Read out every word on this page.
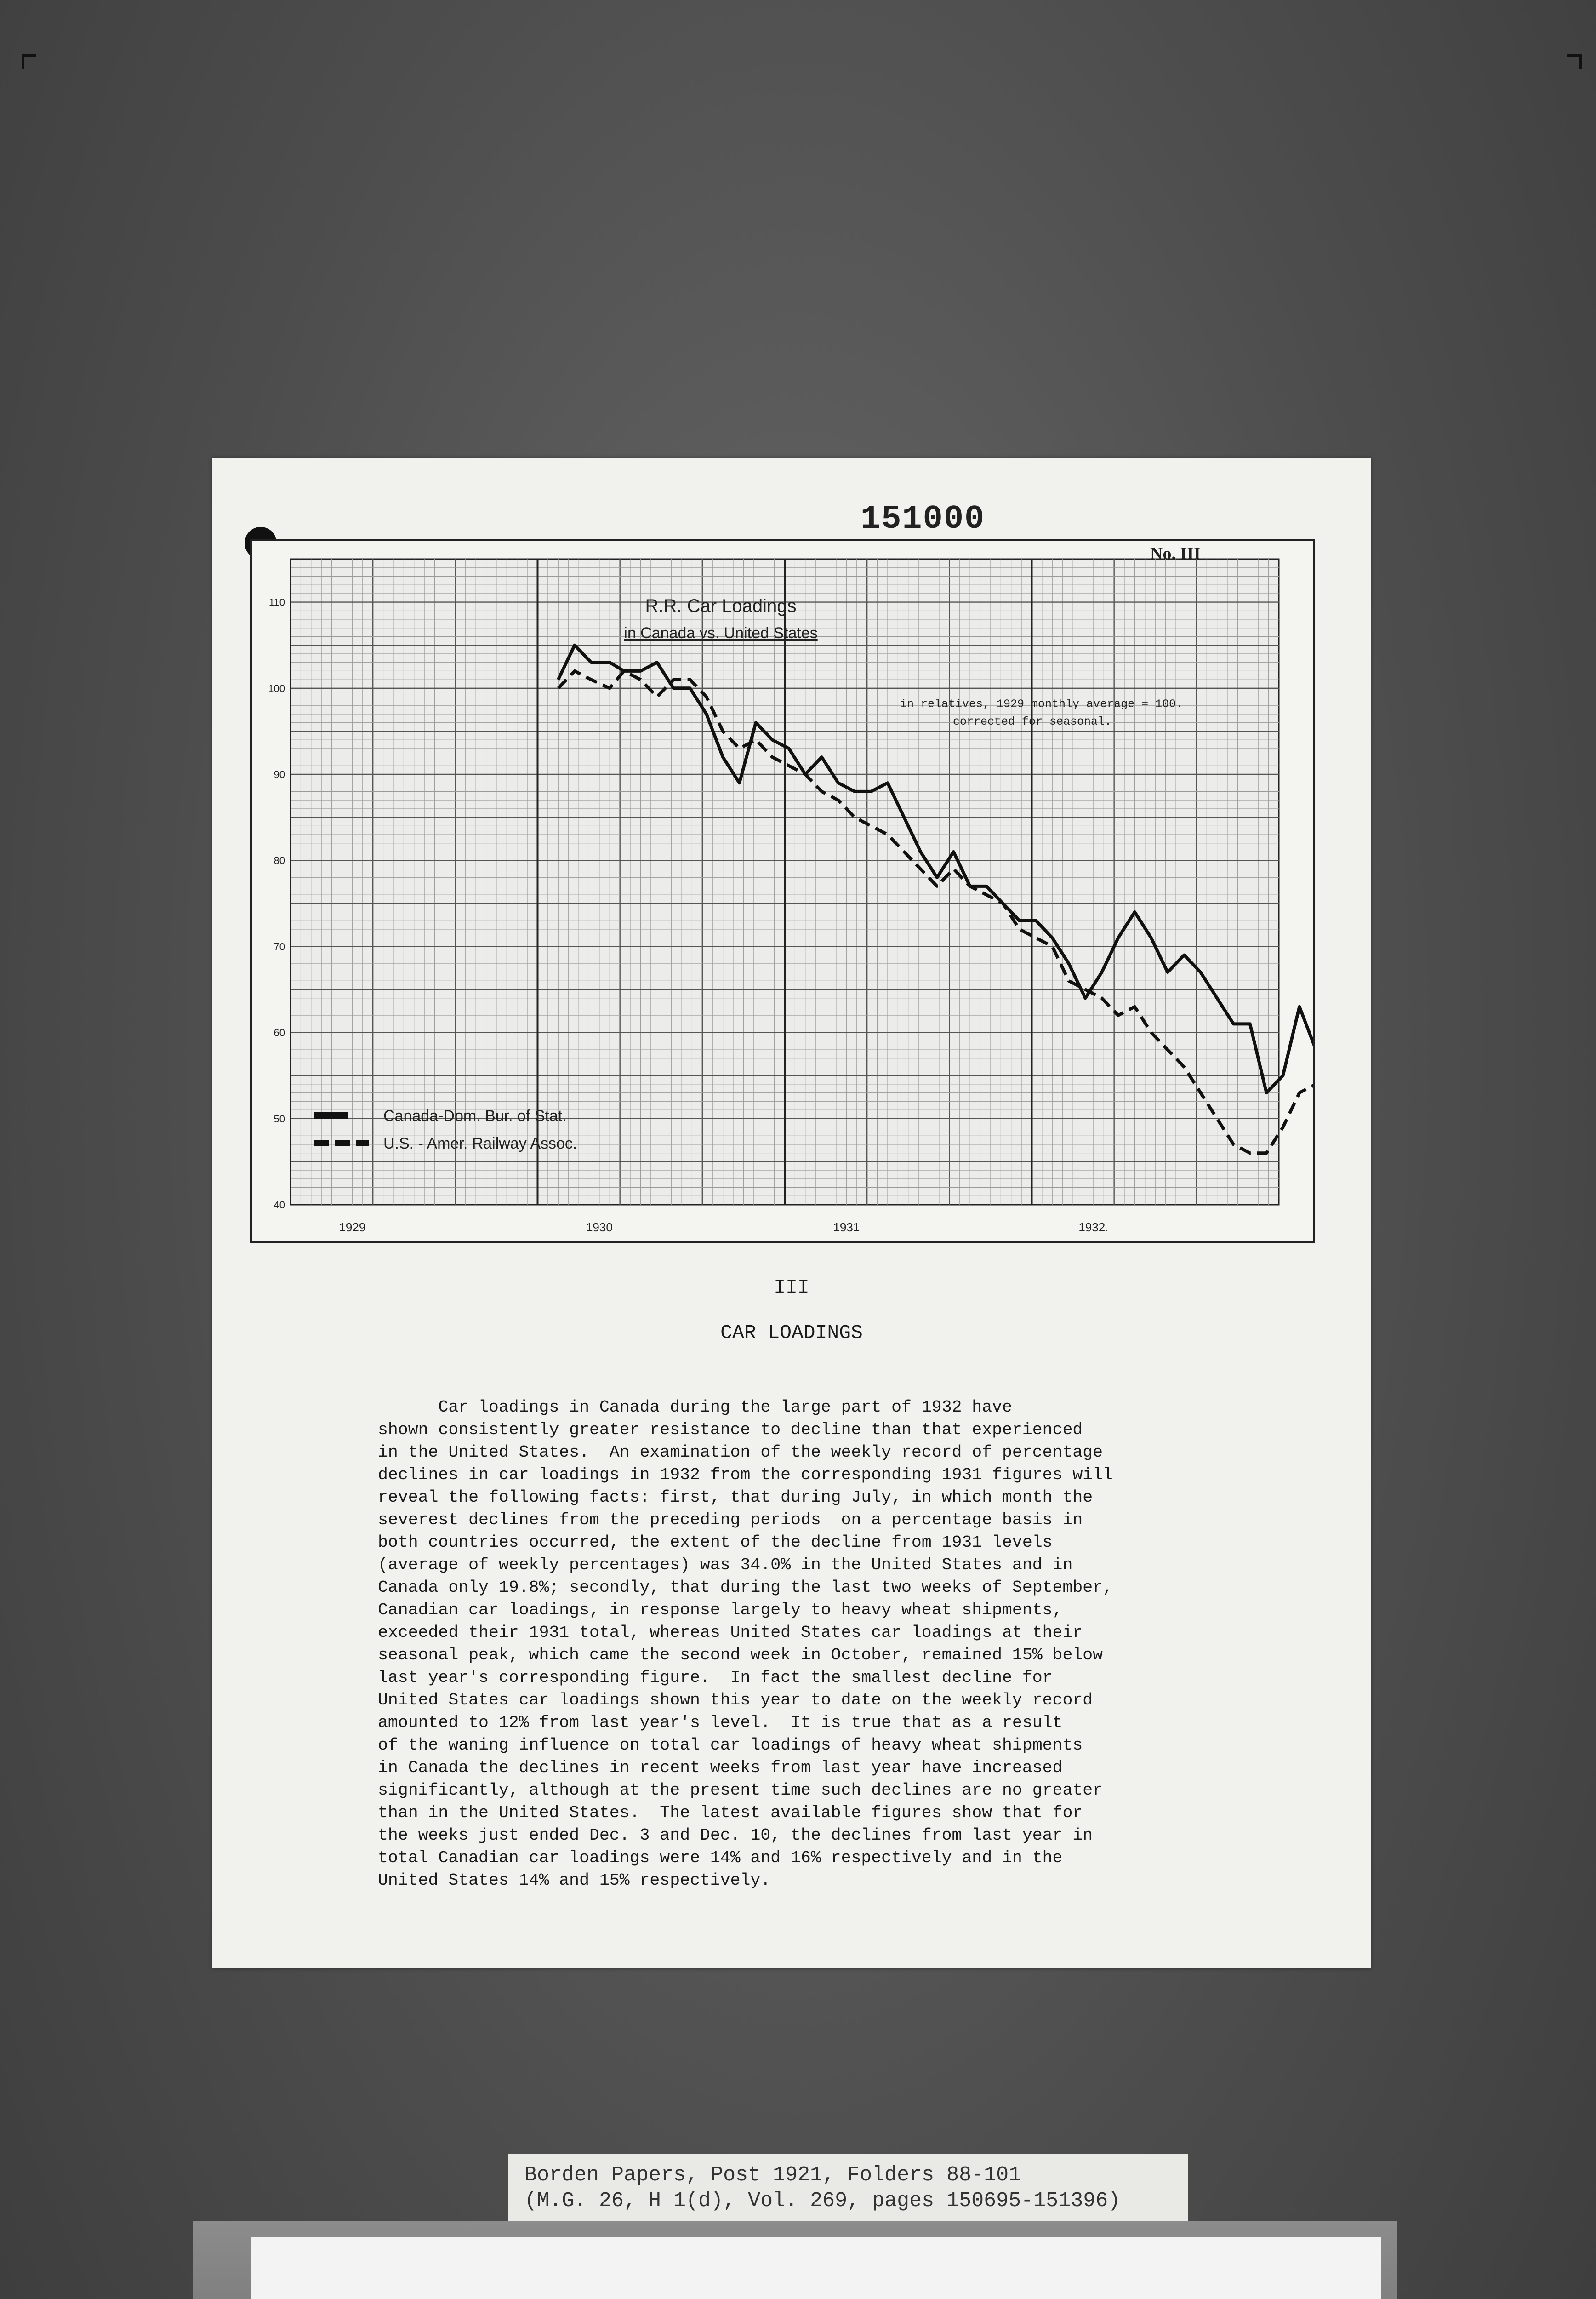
151000
110
100
90
80
70
60
50
40
1929	1930	1931	1932.
R.R. Car Loadings
in Canada vs. United States
in relatives, 1929 monthly average = 100.
corrected for seasonal.
Canada-Dom. Bur. of Stat.
U.S. - Amer. Railway Assoc.
No. III
III
CAR LOADINGS
Car loadings in Canada during the large part of 1932 have
shown consistently greater resistance to decline than that experienced
in the United States.  An examination of the weekly record of percentage
declines in car loadings in 1932 from the corresponding 1931 figures will
reveal the following facts: first, that during July, in which month the
severest declines from the preceding periods  on a percentage basis in
both countries occurred, the extent of the decline from 1931 levels
(average of weekly percentages) was 34.0% in the United States and in
Canada only 19.8%; secondly, that during the last two weeks of September,
Canadian car loadings, in response largely to heavy wheat shipments,
exceeded their 1931 total, whereas United States car loadings at their
seasonal peak, which came the second week in October, remained 15% below
last year's corresponding figure.  In fact the smallest decline for
United States car loadings shown this year to date on the weekly record
amounted to 12% from last year's level.  It is true that as a result
of the waning influence on total car loadings of heavy wheat shipments
in Canada the declines in recent weeks from last year have increased
significantly, although at the present time such declines are no greater
than in the United States.  The latest available figures show that for
the weeks just ended Dec. 3 and Dec. 10, the declines from last year in
total Canadian car loadings were 14% and 16% respectively and in the
United States 14% and 15% respectively.

Borden Papers, Post 1921, Folders 88-101
(M.G. 26, H 1(d), Vol. 269, pages 150695-151396)
